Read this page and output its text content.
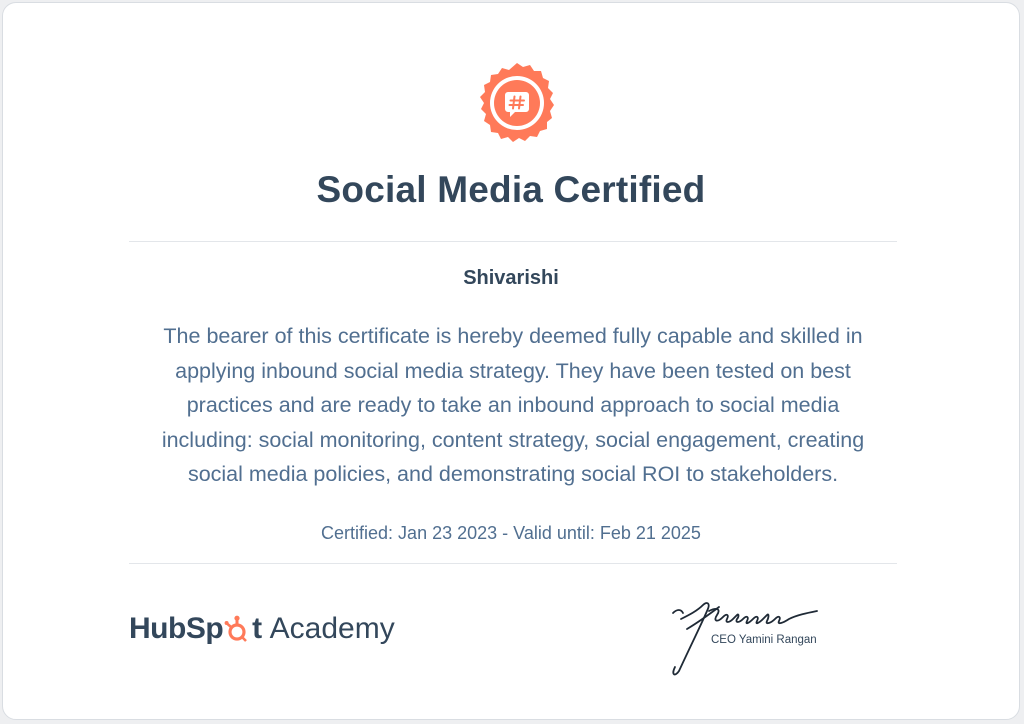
Social Media Certified
Shivarishi
The bearer of this certificate is hereby deemed fully capable and skilled in applying inbound social media strategy. They have been tested on best practices and are ready to take an inbound approach to social media including: social monitoring, content strategy, social engagement, creating social media policies, and demonstrating social ROI to stakeholders.
Certified: Jan 23 2023 - Valid until: Feb 21 2025
HubSp t Academy	CEO Yamini Rangan
